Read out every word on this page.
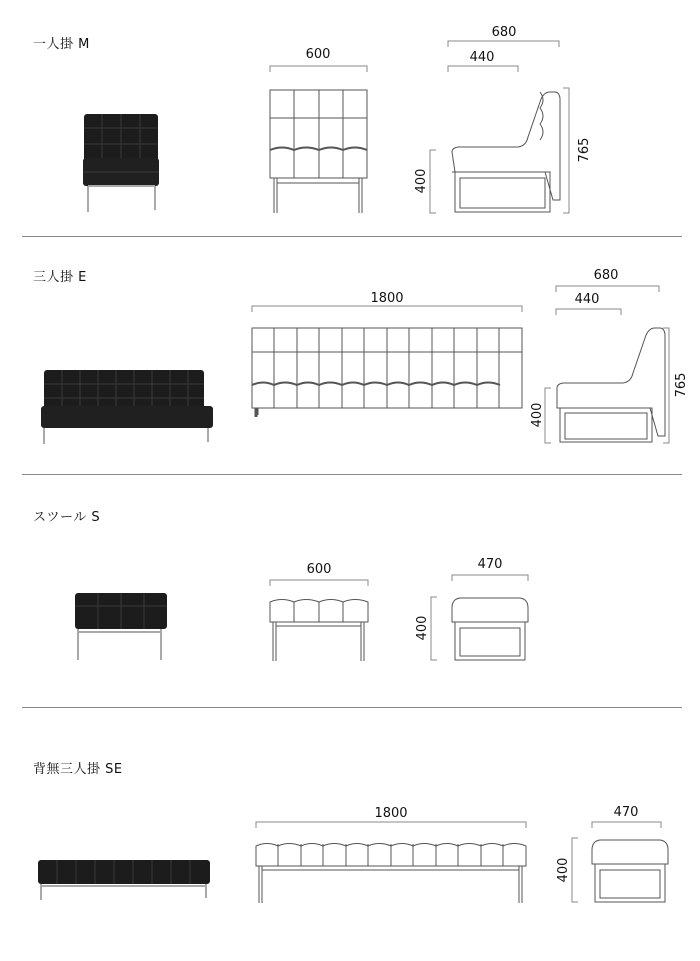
一人掛 M
600
680
440
400
765
三人掛 E
1800
680
440
400
765
スツール S
600	470
400
背無三人掛 SE
1800	470
400
